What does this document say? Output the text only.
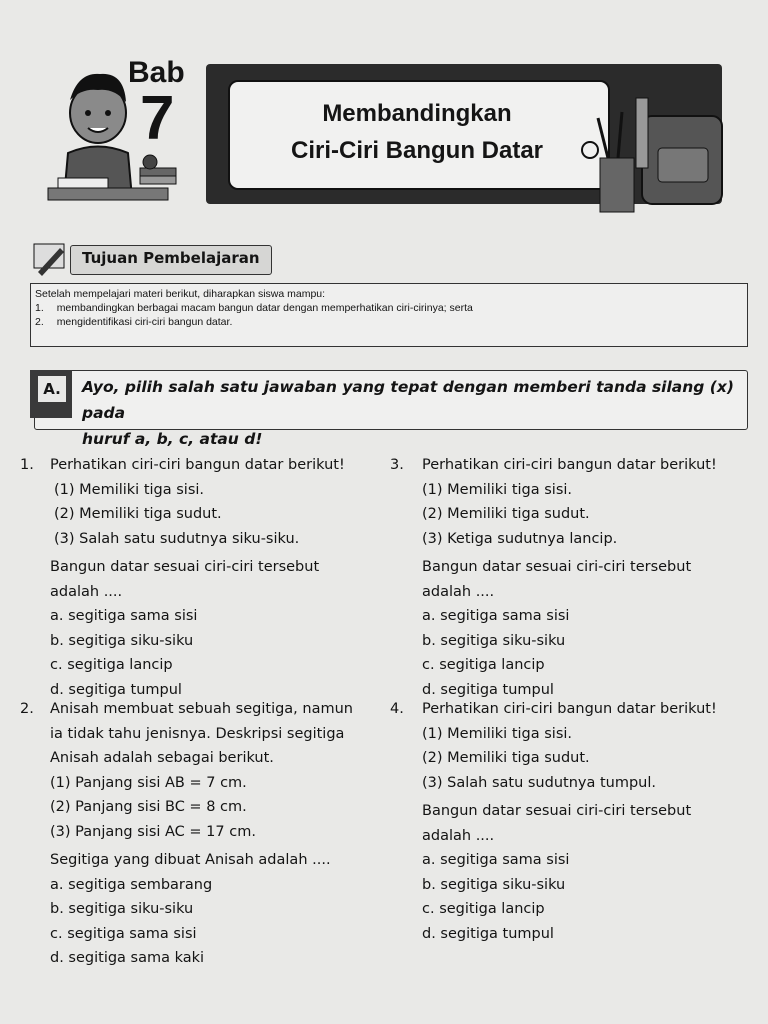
Bab
7	Membandingkan
Ciri-Ciri Bangun Datar
Tujuan Pembelajaran
Setelah mempelajari materi berikut, diharapkan siswa mampu:
1. membandingkan berbagai macam bangun datar dengan memperhatikan ciri-cirinya; serta
2. mengidentifikasi ciri-ciri bangun datar.
A.	Ayo, pilih salah satu jawaban yang tepat dengan memberi tanda silang (x) pada
huruf a, b, c, atau d!
1. Perhatikan ciri-ciri bangun datar berikut!
(1) Memiliki tiga sisi.
(2) Memiliki tiga sudut.
(3) Salah satu sudutnya siku-siku.
Bangun datar sesuai ciri-ciri tersebut
adalah ....
a. segitiga sama sisi
b. segitiga siku-siku
c. segitiga lancip
d. segitiga tumpul
2. Anisah membuat sebuah segitiga, namun
ia tidak tahu jenisnya. Deskripsi segitiga
Anisah adalah sebagai berikut.
(1) Panjang sisi AB = 7 cm.
(2) Panjang sisi BC = 8 cm.
(3) Panjang sisi AC = 17 cm.
Segitiga yang dibuat Anisah adalah ....
a. segitiga sembarang
b. segitiga siku-siku
c. segitiga sama sisi
d. segitiga sama kaki
3. Perhatikan ciri-ciri bangun datar berikut!
(1) Memiliki tiga sisi.
(2) Memiliki tiga sudut.
(3) Ketiga sudutnya lancip.
Bangun datar sesuai ciri-ciri tersebut
adalah ....
a. segitiga sama sisi
b. segitiga siku-siku
c. segitiga lancip
d. segitiga tumpul
4. Perhatikan ciri-ciri bangun datar berikut!
(1) Memiliki tiga sisi.
(2) Memiliki tiga sudut.
(3) Salah satu sudutnya tumpul.
Bangun datar sesuai ciri-ciri tersebut
adalah ....
a. segitiga sama sisi
b. segitiga siku-siku
c. segitiga lancip
d. segitiga tumpul
